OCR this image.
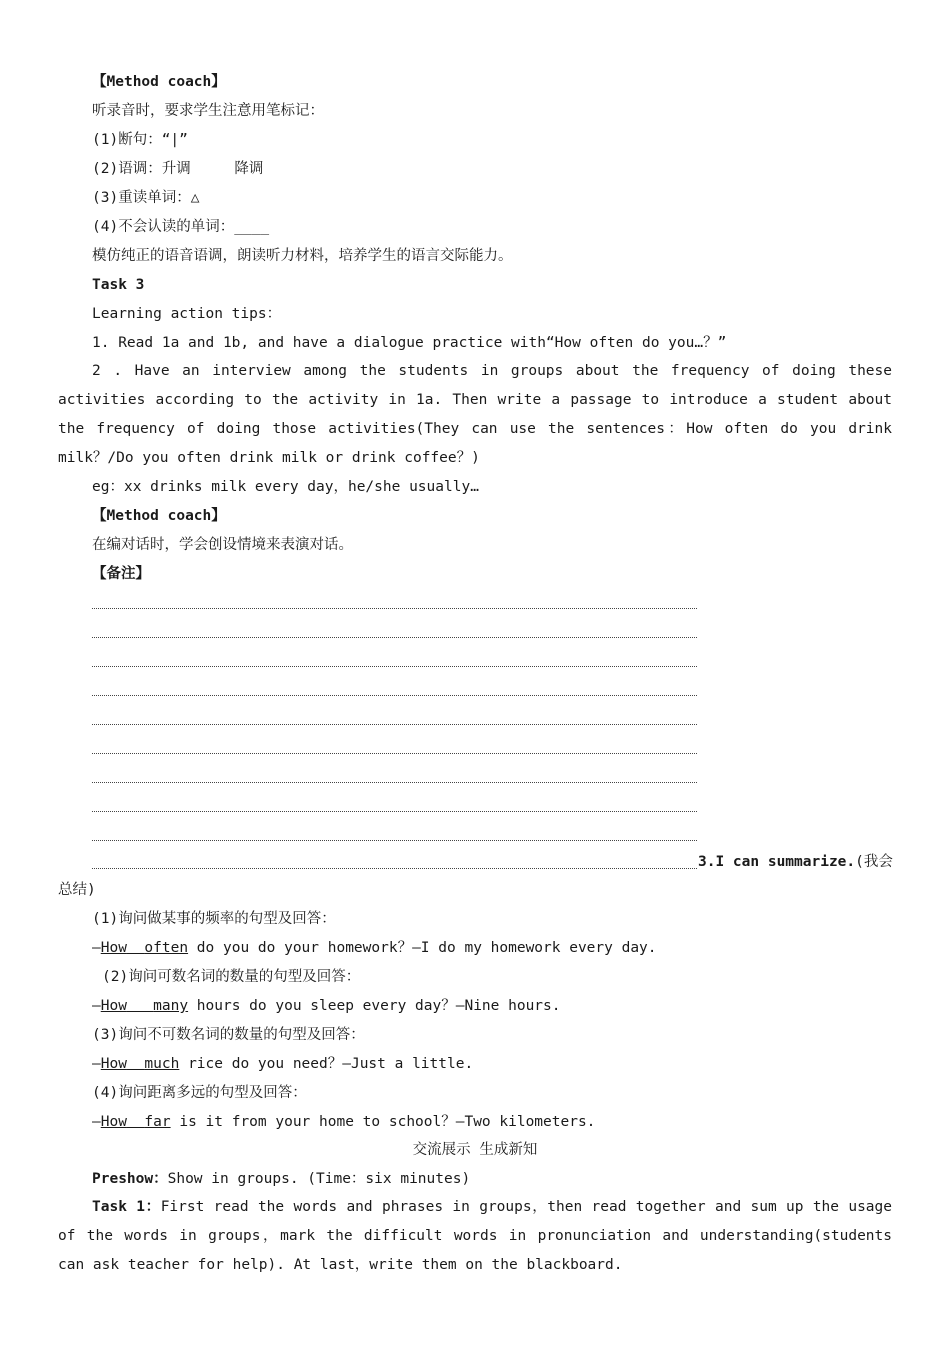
【Method coach】
听录音时，要求学生注意用笔标记：
(1)断句：“|”
(2)语调：升调     降调
(3)重读单词：△
(4)不会认读的单词：____
模仿纯正的语音语调，朗读听力材料，培养学生的语言交际能力。
Task 3
Learning action tips：
1. Read 1a and 1b, and have a dialogue practice with“How often do you…？”
2 . Have an interview among the students in groups about the frequency of doing these activities according to the activity in 1a. Then write a passage to introduce a student about the frequency of doing those activities(They can use the sentences：How often do you drink milk？/Do you often drink milk or drink coffee？)
eg：xx drinks milk every day，he/she usually…
【Method coach】
在编对话时，学会创设情境来表演对话。
【备注】
3.I can summarize.(我会
总结)
(1)询问做某事的频率的句型及回答：
—How often do you do your homework？—I do my homework every day.
(2)询问可数名词的数量的句型及回答：
—How many hours do you sleep every day？—Nine hours.
(3)询问不可数名词的数量的句型及回答：
—How much rice do you need？—Just a little.
(4)询问距离多远的句型及回答：
—How far is it from your home to school？—Two kilometers.
交流展示 生成新知
Preshow：Show in groups. (Time：six minutes)
Task 1：First read the words and phrases in groups，then read together and sum up the usage of the words in groups，mark the difficult words in pronunciation and understanding(students can ask teacher for help). At last，write them on the blackboard.
